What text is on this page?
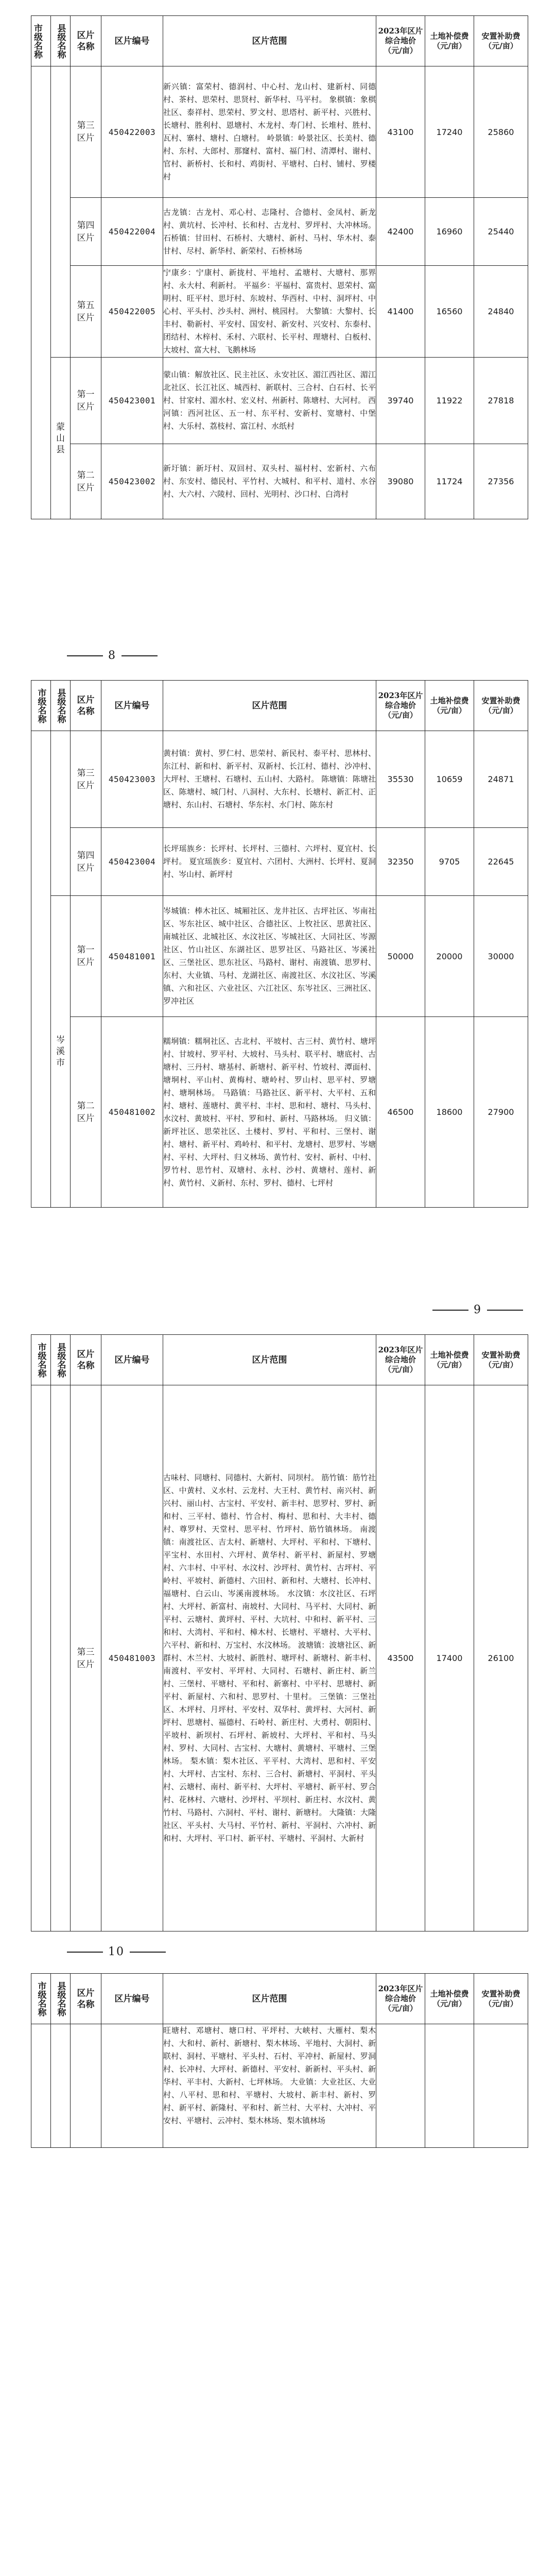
市级名称	县级名称	区片名称	区片编号	区片范围	2023年区片综合地价（元/亩）	土地补偿费（元/亩）	安置补助费（元/亩）

		第三区片	450422003	新兴镇：富荣村、德润村、中心村、龙山村、建新村、同德村、茶村、思荣村、思贤村、新华村、马平村。 象棋镇：象棋社区、泰祥村、思荣村、罗文村、思塔村、新平村、兴胜村、长塘村、胜利村、恩塘村、木龙村、寿门村、长堆村、胜村、瓦村、寨村、塘村、白塘村。 岭景镇：岭景社区、长美村、德村、东村、大郎村、那窿村、富村、福门村、清潭村、谢村、官村、新桥村、长和村、鸡街村、平塘村、白村、铺村、罗楼村	43100	17240	25860

		第四区片	450422004	古龙镇：古龙村、邓心村、志隆村、合德村、金凤村、新龙村、黄坑村、长冲村、长和村、古龙村、罗坪村、大冲林场。 石桥镇：甘田村、石桥村、大塘村、新村、马村、华木村、泰甘村、尽村、新华村、新荣村、石桥林场	42400	16960	25440

		第五区片	450422005	宁康乡：宁康村、新拢村、平地村、孟塘村、大塘村、那界村、永大村、利新村。 平福乡：平福村、富贵村、恩荣村、富明村、旺平村、思圩村、东坡村、华西村、中村、洞坪村、中心村、平头村、沙头村、洲村、桃园村。 大黎镇：大黎村、长丰村、勒新村、平安村、国安村、新安村、兴安村、东泰村、团结村、木梓村、禾村、六联村、长平村、理塘村、白板村、大坡村、富大村、飞鹅林场	41400	16560	24840

	蒙山县	第一区片	450423001	蒙山镇：解放社区、民主社区、永安社区、湄江西社区、湄江北社区、长江社区、城西村、新联村、三合村、白石村、长平村、甘家村、湄水村、宏义村、州新村、陈塘村、大河村。 西河镇：西河社区、五一村、东平村、安新村、宽塘村、中堡村、大乐村、荔枝村、富江村、水纸村	39740	11922	27818

		第二区片	450423002	新圩镇：新圩村、双回村、双头村、福村村、宏新村、六布村、东安村、德民村、平竹村、大城村、和平村、道村、水谷村、大六村、六陵村、回村、光明村、沙口村、白湾村	39080	11724	27356
8
市级名称	县级名称	区片名称	区片编号	区片范围	2023年区片综合地价（元/亩）	土地补偿费（元/亩）	安置补助费（元/亩）

		第三区片	450423003	黄村镇：黄村、罗仁村、思荣村、新民村、泰平村、思林村、东江村、新和村、新平村、双新村、长江村、德村、沙冲村、大坪村、王塘村、石塘村、五山村、大路村。 陈塘镇：陈塘社区、陈塘村、城门村、八洞村、大东村、长塘村、新汇村、正塘村、东山村、石塘村、华东村、水门村、陈东村	35530	10659	24871

		第四区片	450423004	长坪瑶族乡：长坪村、长坪村、三德村、六坪村、夏宜村、长坪村。 夏宜瑶族乡：夏宜村、六团村、大洲村、长坪村、夏洞村、岑山村、新坪村	32350	9705	22645

	岑溪市	第一区片	450481001	岑城镇：棒木社区、城厢社区、龙井社区、古坪社区、岑南社区、岑东社区、城中社区、合德社区、上牧社区、思黄社区、南城社区、北城社区、水汶社区、岑城社区、大同社区、岑源社区、竹山社区、东湖社区、思罗社区、马路社区、岑溪社区、三堡社区、思东社区、马路村、谢村、南渡镇、思罗村、东村、大业镇、马村、龙湖社区、南渡社区、水汶社区、岑溪镇、六和社区、六业社区、六江社区、东岑社区、三洲社区、罗冲社区	50000	20000	30000

		第二区片	450481002	糯垌镇：糯垌社区、古北村、平坡村、古三村、黄竹村、塘坪村、甘坡村、罗平村、大坡村、马头村、联平村、塘底村、古塘村、三丹村、塘基村、新塘村、新平村、竹坡村、潭面村、塘垌村、平山村、黄梅村、塘岭村、罗山村、思平村、罗塘村、塘垌林场。 马路镇：马路社区、新平村、大平村、五和村、塘村、莲塘村、黄平村、丰村、思和村、塘村、马头村、水汶村、黄坡村、平村、罗和村、新村、马路林场。 归义镇：新坪社区、思荣社区、土楼村、罗村、平和村、三堡村、谢村、塘村、新平村、鸡岭村、和平村、龙塘村、思罗村、岑塘村、平村、大坪村、归义林场、黄竹村、安村、新村、中村、罗竹村、思竹村、双塘村、永村、沙村、黄塘村、莲村、新村、黄竹村、义新村、东村、罗村、德村、七坪村	46500	18600	27900
9
市级名称	县级名称	区片名称	区片编号	区片范围	2023年区片综合地价（元/亩）	土地补偿费（元/亩）	安置补助费（元/亩）

		第三区片	450481003	古味村、同塘村、同德村、大新村、同坝村。 筋竹镇：筋竹社区、中黄村、义水村、云龙村、大王村、黄竹村、南兴村、新兴村、丽山村、古宝村、平安村、新丰村、思罗村、罗村、新和村、三平村、德村、竹合村、梅村、思和村、大丰村、德村、尊罗村、天堂村、思平村、竹坪村、筋竹镇林场。 南渡镇：南渡社区、吉太村、新塘村、大坪村、平和村、下塘村、平宝村、水田村、六坪村、黄华村、新平村、新屋村、罗塘村、六丰村、中平村、水汶村、沙坪村、黄竹村、古坪村、平岭村、平坡村、新德村、六田村、新和村、大塘村、长冲村、福塘村、白云山、岑溪南渡林场。 水汶镇：水汶社区、石坪村、大坪村、新富村、南坡村、大同村、马平村、大同村、新平村、云塘村、黄坪村、平村、大坑村、中和村、新平村、三和村、大湾村、平和村、樟木村、长塘村、平塘村、大平村、六平村、新和村、万宝村、水汶林场。 波塘镇：波塘社区、新群村、木兰村、大坡村、新胜村、塘坪村、新塘村、新丰村、南渡村、平安村、平坪村、大同村、石塘村、新庄村、新兰村、三堡村、平塘村、平和村、新寨村、中平村、思塘村、新平村、新屋村、六和村、思罗村、十里村。 三堡镇：三堡社区、木坪村、月坪村、平安村、双华村、黄坪村、大河村、新坪村、思塘村、福德村、石岭村、新庄村、大勇村、朝阳村、平坡村、新坝村、石坪村、新坡村、大坪村、平和村、马头村、罗村、大同村、古宝村、大塘村、黄塘村、平塘村、三堡林场。 梨木镇：梨木社区、平平村、大湾村、思和村、平安村、大坪村、古宝村、东村、三合村、新塘村、平洞村、平头村、云塘村、南村、新平村、大坪村、平塘村、新平村、罗合村、花林村、六塘村、沙坪村、平坝村、新庄村、水汶村、黄竹村、马路村、六洞村、平村、谢村、新塘村。 大隆镇：大隆社区、平头村、大马村、平竹村、新村、平洞村、六冲村、新和村、大坪村、平口村、新平村、平塘村、平洞村、大新村	43500	17400	26100
10
市级名称	县级名称	区片名称	区片编号	区片范围	2023年区片综合地价（元/亩）	土地补偿费（元/亩）	安置补助费（元/亩）

				旺塘村、邓塘村、塘口村、平坪村、大峡村、大雁村、梨木村、大和村、新村、新塘村、梨木林场、平地村、大洞村、新联村、洞村、平塘村、平头村、石村、平冲村、新屋村、罗洞村、长冲村、大坪村、新德村、平安村、新新村、平头村、新华村、平丰村、大新村、七坪林场。 大业镇：大业社区、大业村、八平村、思和村、平塘村、大坡村、新丰村、新村、罗村、新平村、新隆村、平和村、新兰村、大平村、大冲村、平安村、平塘村、云冲村、梨木林场、梨木镇林场			
